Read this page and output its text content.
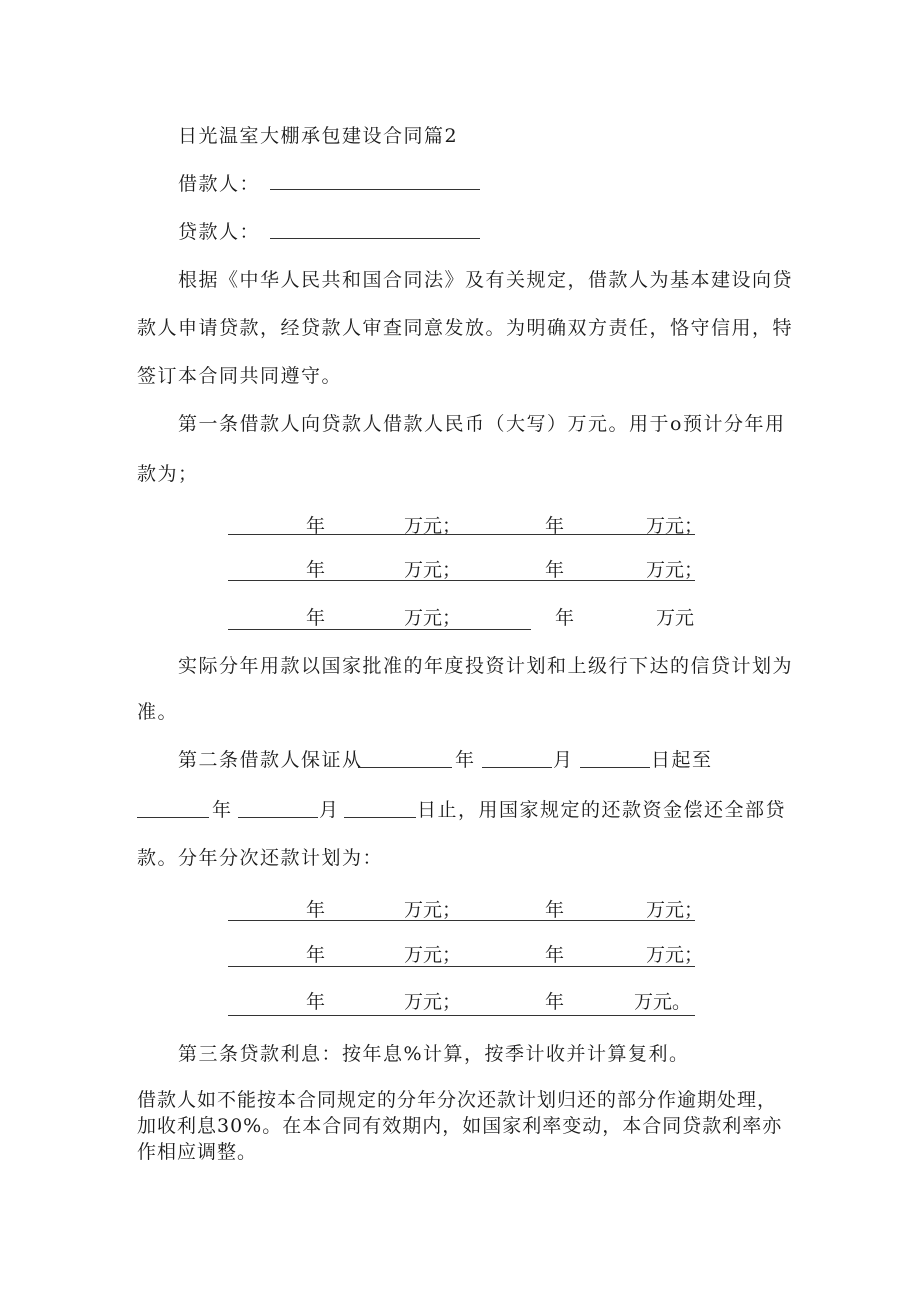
日光温室大棚承包建设合同篇2
借款人：
贷款人：
根据《中华人民共和国合同法》及有关规定，借款人为基本建设向贷
款人申请贷款，经贷款人审查同意发放。为明确双方责任，恪守信用，特
签订本合同共同遵守。
第一条借款人向贷款人借款人民币（大写）万元。用于o预计分年用
款为；
年	万元；	年	万元；
年	万元；	年	万元；
年	万元；	年	万元
实际分年用款以国家批准的年度投资计划和上级行下达的信贷计划为
准。
第二条借款人保证从	年	月	日起至
年	月	日止，用国家规定的还款资金偿还全部贷
款。分年分次还款计划为：
年	万元；	年	万元；
年	万元；	年	万元；
年	万元；	年	万元。
第三条贷款利息：按年息%计算，按季计收并计算复利。
借款人如不能按本合同规定的分年分次还款计划归还的部分作逾期处理，
加收利息30%。在本合同有效期内，如国家利率变动，本合同贷款利率亦
作相应调整。
